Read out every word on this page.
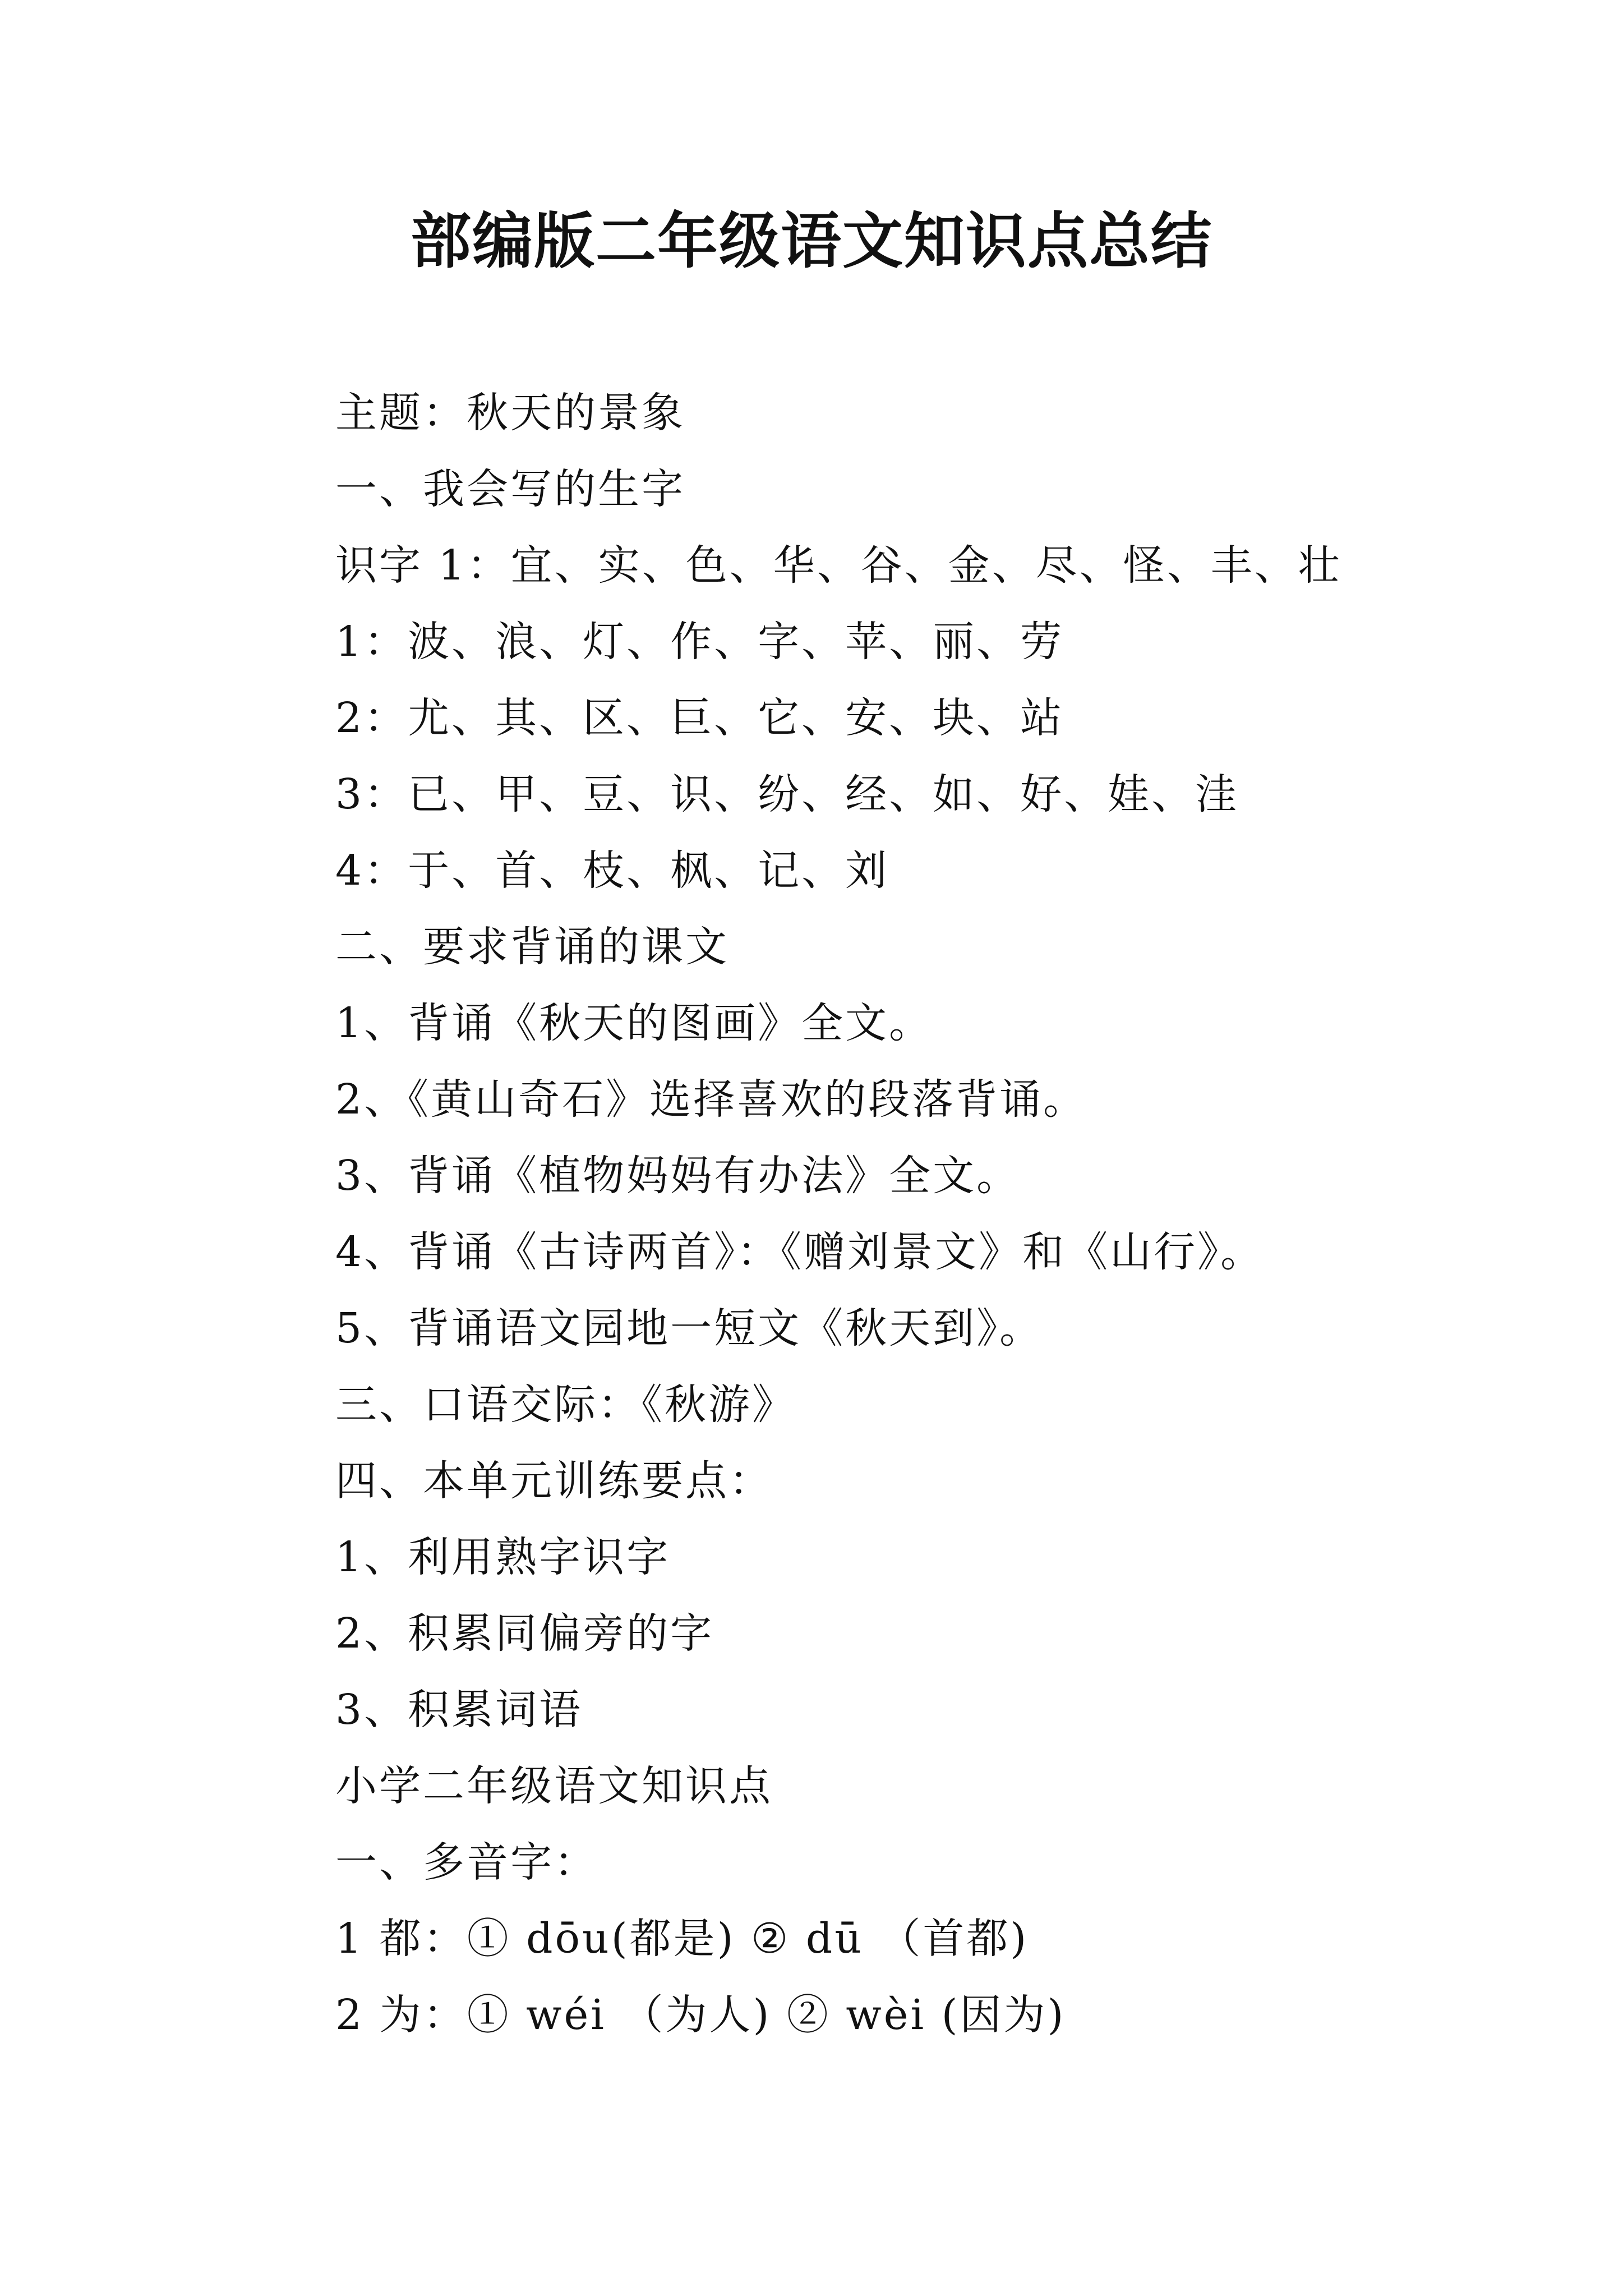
部编版二年级语文知识点总结
主题：秋天的景象
一、我会写的生字
识字 1：宜、实、色、华、谷、金、尽、怪、丰、壮
1：波、浪、灯、作、字、苹、丽、劳
2：尤、其、区、巨、它、安、块、站
3：已、甲、豆、识、纷、经、如、好、娃、洼
4：于、首、枝、枫、记、刘
二、要求背诵的课文
1、背诵《秋天的图画》全文。
2、《黄山奇石》选择喜欢的段落背诵。
3、背诵《植物妈妈有办法》全文。
4、背诵《古诗两首》：《赠刘景文》和《山行》。
5、背诵语文园地一短文《秋天到》。
三、口语交际：《秋游》
四、本单元训练要点：
1、利用熟字识字
2、积累同偏旁的字
3、积累词语
小学二年级语文知识点
一、多音字：
1 都：① dōu(都是) ② dū （首都)
2 为：① wéi （为人) ② wèi (因为)
